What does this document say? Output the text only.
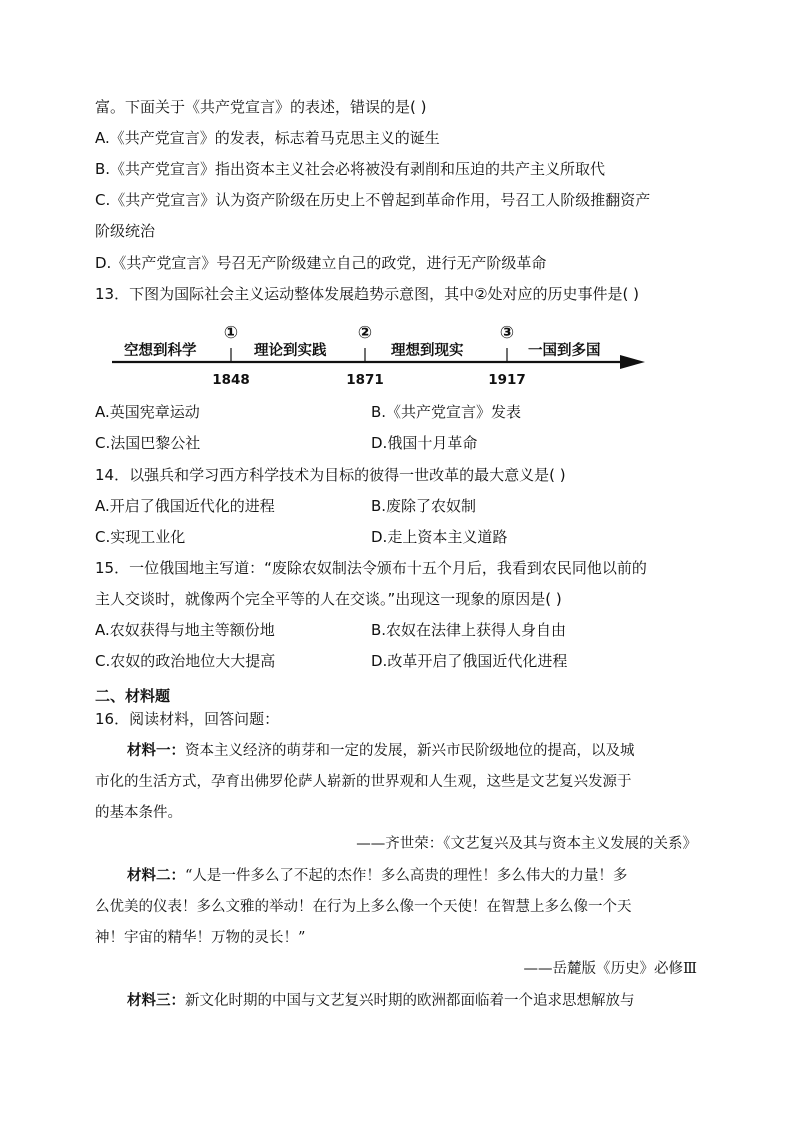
富。下面关于《共产党宣言》的表述，错误的是( )
A.《共产党宣言》的发表，标志着马克思主义的诞生
B.《共产党宣言》指出资本主义社会必将被没有剥削和压迫的共产主义所取代
C.《共产党宣言》认为资产阶级在历史上不曾起到革命作用，号召工人阶级推翻资产
阶级统治
D.《共产党宣言》号召无产阶级建立自己的政党，进行无产阶级革命
13．下图为国际社会主义运动整体发展趋势示意图，其中②处对应的历史事件是( )
空想到科学	理论到实践	理想到现实	一国到多国
①	②	③
1848	1871	1917
A.英国宪章运动	B.《共产党宣言》发表
C.法国巴黎公社	D.俄国十月革命
14．以强兵和学习西方科学技术为目标的彼得一世改革的最大意义是( )
A.开启了俄国近代化的进程	B.废除了农奴制
C.实现工业化	D.走上资本主义道路
15．一位俄国地主写道：“废除农奴制法令颁布十五个月后，我看到农民同他以前的
主人交谈时，就像两个完全平等的人在交谈。”出现这一现象的原因是( )
A.农奴获得与地主等额份地	B.农奴在法律上获得人身自由
C.农奴的政治地位大大提高	D.改革开启了俄国近代化进程
二、材料题
16．阅读材料，回答问题：
材料一：资本主义经济的萌芽和一定的发展，新兴市民阶级地位的提高，以及城
市化的生活方式，孕育出佛罗伦萨人崭新的世界观和人生观，这些是文艺复兴发源于
的基本条件。
——齐世荣：《文艺复兴及其与资本主义发展的关系》
材料二：“人是一件多么了不起的杰作！多么高贵的理性！多么伟大的力量！多
么优美的仪表！多么文雅的举动！在行为上多么像一个天使！在智慧上多么像一个天
神！宇宙的精华！万物的灵长！”
——岳麓版《历史》必修Ⅲ
材料三：新文化时期的中国与文艺复兴时期的欧洲都面临着一个追求思想解放与
